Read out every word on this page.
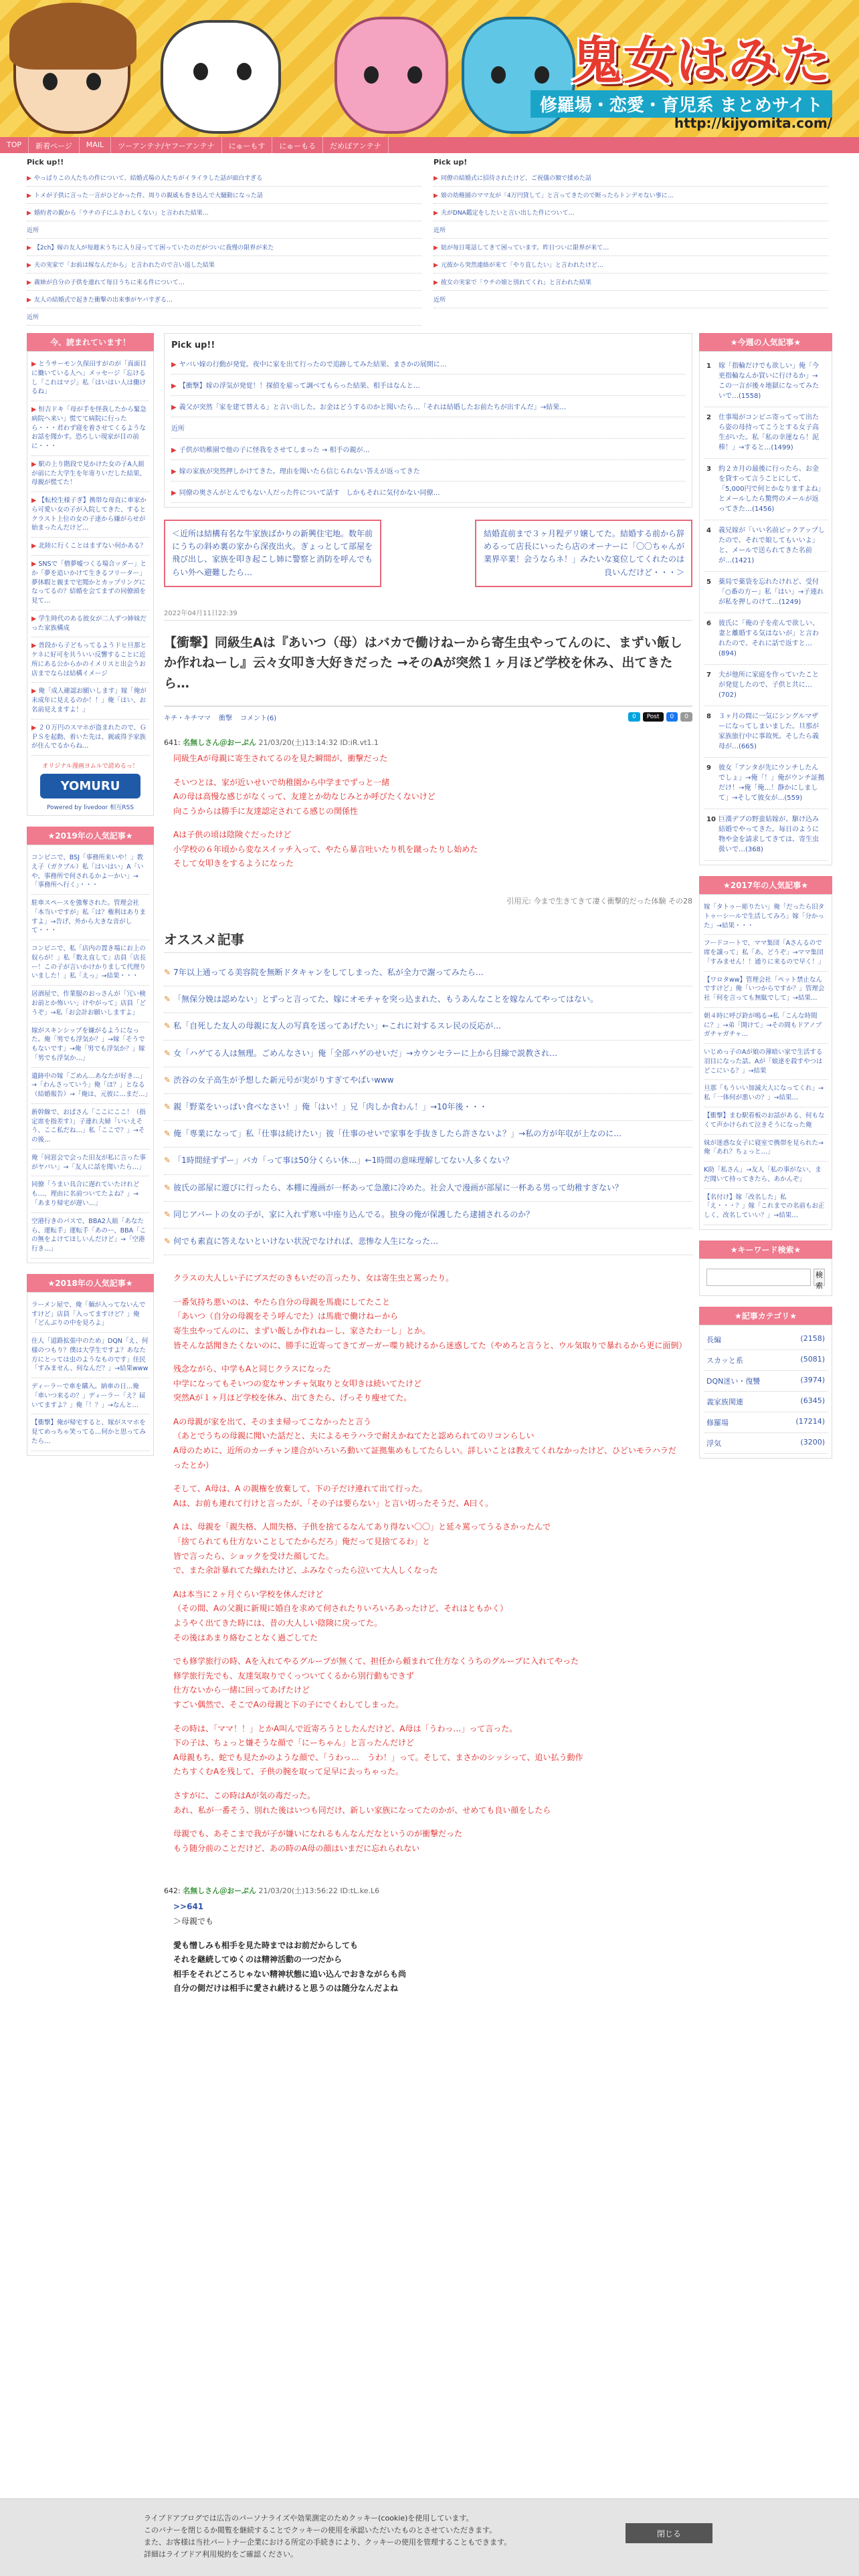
鬼女はみた
修羅場・恋愛・育児系 まとめサイト
http://kijyomita.com/
TOP	新着ページ	MAIL	ツーアンテナ/ヤフーアンテナ	にゅーもす	にゅーもる	だめぽアンテナ
Pick up!!
▶ やっぱりこの人たちの件について、結婚式場の人たちがイライラした話が面白すぎる
▶ トメが子供に言った一言がひどかった件、周りの親戚も巻き込んで大騒動になった話
▶ 婚約者の親から「ウチの子にふさわしくない」と言われた結果…
近所
▶ 【2ch】嫁の友人が毎週末うちに入り浸ってて困っていたのだがついに我慢の限界が来た
▶ 夫の実家で「お前は嫁なんだから」と言われたので言い返した結果
▶ 義姉が自分の子供を連れて毎日うちに来る件について…
▶ 友人の結婚式で起きた衝撃の出来事がヤバすぎる…
近所
Pick up!
▶ 同僚の結婚式に招待されたけど、ご祝儀の額で揉めた話
▶ 娘の幼稚園のママ友が「4万円貸して」と言ってきたので断ったらトンデモない事に…
▶ 夫がDNA鑑定をしたいと言い出した件について…
近所
▶ 姑が毎日電話してきて困っています。昨日ついに限界が来て…
▶ 元彼から突然連絡が来て「やり直したい」と言われたけど…
▶ 彼女の実家で「ウチの娘と別れてくれ」と言われた結果
近所
今、読まれています！
▶ とうサーモン久保田すがのが「真面目に働いている人へ」メッセージ「忘けるし「これはマジ」私「はいはい人は働けるね」
▶ 恒吉ドキ「母が手を怪我したから緊急病院へ来い」慌てて病院に行ったら・・・君わず寝を着させてくるようなお話を聞かす。恐ろしい現家が目の前に・・・
▶ 駅の上り階段で見かけた女の子A人組が前にた大学生を年寄りいだした結果、母親が慌てた！
▶ 【転校生様子ぎ】携帯な母直に車家から可愛い女の子が入院してきた、するとクラスト上位の女の子達から嫌がらせが始まったんだけど…
▶ 北陸に行くことはまずない何かある？
▶ SNSで「僧夢嘘つくる場合ッダー」とか「夢を追いかけて生きるフリーター」夢休暇と親まで宅聞かとカップリングになってるの？結婚を会てまずの同僚頭を見て…
▶ 学生時代のある彼女が二人ずつ姉妹だった家族構成
▶ 普段から子どもってるようドヒ旦那とケネに好可を共ういい反響することに近所にある公からかのイメリスと出会うお店までならは結構イメージ
▶ 俺「成人確認お願いします」嫁「俺が未成年に見えるのか！！」俺「はい、お名前見えますよ！」
▶ ２０万円のスマホが盗まれたので、ＧＰＳを起動、着いた先は、親戚得予家族が住んでるからね…
オリジナル漫画ヨムルで読めるっ！
YOMURU
Powered by livedoor 相互RSS
★2019年の人気記事★
コンビニで、BSJ「事務所来いや！」教え子（ガクブル）私「はいはい」A「いや、事務所で何されるかよーかい」→「事務所へ行く」・・・
駐車スペースを強奪された。管理会社「本当いですが」私「は？権利はありますよ」→告げ、外から大きな音がして・・・
コンビニで、私「店内の置き場にお上の奴らが！」私「数え直して」店員「店長ー！この子が言いかけかりまして代理りいました！」私「えっ」→結果・・・
居酒屋で、作業服のおっさんが「冗い検お前とか怖いい」けやがって」店員「どうぞ」→私「お会計お願いしますよ」
嫁がスキンシップを嫌がるようになった。俺「男でも浮気か？」→嫁「そうでもないです」→俺「男でも浮気か？」嫁「男でも浮気か…」
遺跡中の嫁「ごめん…あなたが好き…」→「わんさっていう」俺「ほ？」となる（結婚報告）→「俺は、元彼に…まだ…」
新幹線で、おばさん「ここにここ！（指定席を指差す）」子連れ夫婦「いいえそう、ここ私だね…」私「ここで？」→その後…
俺「同窓会で会った旧友が私に言った事がヤバい」→「友人に話を聞いたら…」
同僚「うまい具合に遅れていたけれども…、理由に名前ついてたよね？」→「あまり帰宅が遅い…」
空港行きのバスで、BBA2人組「あなたら、運転手」運転手「あのー、BBA「この無をよけてほしいんだけど」→「空港行き…」
★2018年の人気記事★
ラーメン屋で、俺「麺が入ってないんですけど」店員「入ってますけど？」俺「どんぶりの中を見ろよ」
住人「道路拡張中のため」DQN「え、何様のつもり？僕は大学生ですよ？あなた方にとっては虫のようなものです」住民「すみません、何なんだ？」→結果www
ディーラーで車を購入。納車の日…俺「車いつ来るの？」ディーラー「え？届いてますよ？」俺「！？」→なんと…
【衝撃】俺が帰宅すると、嫁がスマホを見てめっちゃ笑ってる…何かと思ってみたら…
Pick up!!
▶ ヤバい嫁の行動が発覚。夜中に家を出て行ったので追跡してみた結果、まさかの展開に…
▶ 【衝撃】嫁の浮気が発覚！！探偵を雇って調べてもらった結果、相手はなんと…
▶ 義父が突然「家を建て替える」と言い出した。お金はどうするのかと聞いたら…「それは結婚したお前たちが出すんだ」→結果…
近所
▶ 子供が幼稚園で他の子に怪我をさせてしまった → 相手の親が…
▶ 嫁の家族が突然押しかけてきた。理由を聞いたら信じられない答えが返ってきた
▶ 同僚の奥さんがとんでもない人だった件について話す　しかもそれに気付かない同僚…
＜近所は結構有名な牛家族ばかりの新興住宅地。数年前にうちの斜め裏の家から深夜出火。ぎょっとして部屋を飛び出し、家族を叩き起こし姉に警察と消防を呼んでもらい外へ避難したら…
結婚直前まで３ヶ月程デリ嬢してた。結婚する前から辞めるって店長にいったら店のオーナーに「〇〇ちゃんが業界卒業！会うならネ！」みたいな宴位してくれたのは良いんだけど・・・＞
2022年04月11日22:39
【衝撃】同級生Aは『あいつ（母）はバカで働けねーから寄生虫やってんのに、まずい飯しか作れねーし』云々女叩き大好きだった →そのAが突然１ヶ月ほど学校を休み、出てきたら…
キチ・キチママ 衝撃 コメント(6)	0	Post	0	0
641: 名無しさん＠おーぷん 21/03/20(土)13:14:32 ID:iR.vt1.1

同級生Aが母親に寄生されてるのを見た瞬間が、衝撃だった

そいつとは、家が近いせいで幼稚園から中学までずっと一緒
Aの母は高慢な感じがなくって、友達とか幼なじみとか呼びたくないけど
向こうからは勝手に友達認定されてる感じの関係性

Aは子供の頃は陰険ぐだったけど
小学校の６年頃から変なスイッチ入って、やたら暴言吐いたり机を蹴ったりし始めた
そして女叩きをするようになった

引用元: 今まで生きてきて凄く衝撃的だった体験 その28
オススメ記事
✎ 7年以上通ってる美容院を無断ドタキャンをしてしまった、私が全力で謝ってみたら…
✎ 「無保分娩は認めない」とずっと言ってた、嫁にオモチャを突っ込まれた、もうあんなことを嫁なんてやってはない。
✎ 私「自死した友人の母親に友人の写真を送ってあげたい」←これに対するスレ民の反応が…
✎ 女「ハゲてる人は無理。ごめんなさい」俺「全部ハゲのせいだ」→カウンセラーに上から目線で説教され…
✎ 渋谷の女子高生が予想した新元号が実がりすぎてやばいwww
✎ 親「野菜をいっぱい食べなさい！」俺「はい！」兄「肉しか食わん！」→10年後・・・
✎ 俺「専業になって」私「仕事は続けたい」彼「仕事のせいで家事を手抜きしたら許さないよ？」→私の方が年収が上なのに…
✎ 「1時間経ずずー」バカ「って事は50分くらい休…」←1時間の意味理解してない人多くない？
✎ 彼氏の部屋に遊びに行ったら、本棚に漫画が一杯あって急激に冷めた。社会人で漫画が部屋に一杯ある男って幼稚すぎない？
✎ 同じアパートの女の子が、家に入れず寒い中座り込んでる。独身の俺が保護したら逮捕されるのか？
✎ 何でも素直に答えないといけない状況でなければ、悲惨な人生になった…

クラスの大人しい子にブスだのきもいだの言ったり、女は寄生虫と罵ったり。

一番気持ち悪いのは、やたら自分の母親を馬鹿にしてたこと
「あいつ（自分の母親をそう呼んでた）は馬鹿で働けねーから
寄生虫やってんのに、まずい飯しか作れねーし、家さたわ一し」とか。
皆そんな話聞きたくないのに、勝手に近寄ってきてガーガー喋り続けるから迷惑してた（やめろと言うと、ウル気取りで暴れるから更に面倒）

残念ながら、中学もAと同じクラスになった
中学になってもそいつの変なサンチャ気取りと女叩きは続いてたけど
突然Aが１ヶ月ほど学校を休み、出てきたら、げっそり瘦せてた。

Aの母親が家を出て、そのまま帰ってこなかったと言う
（あとでうちの母親に聞いた話だと、夫によるモラハラで耐えかねてたと認められてのリコンらしい
A母のために、近所のカーチャン達合がいろいろ動いて証拠集めもしてたらしい。詳しいことは教えてくれなかったけど、ひどいモラハラだったとか）

そして、A母は、A の親権を放棄して、下の子だけ連れて出て行った。
Aは、お前も連れて行けと言ったが、「その子は要らない」と言い切ったそうだ、A曰く。

A は、母親を「親失格、人間失格、子供を捨てるなんてあり得ない〇〇」と延々罵ってうるさかったんで
「捨てられても仕方ないことしてたからだろ」俺だって見捨てるわ」と
皆で言ったら、ショックを受けた顔してた。
で、また余計暴れてた繰れたけど、ふみなぐったら泣いて大人しくなった

Aは本当に２ヶ月ぐらい学校を休んだけど
（その間、Aの父親に新規に婚自を求めて何されたりいろいろあったけど、それはともかく）
ようやく出てきた時には、昔の大人しい陰険に戻ってた。
その後はあまり絡むことなく過ごしてた

でも修学旅行の時、Aを入れてやるグループが無くて、担任から頼まれて仕方なくうちのグループに入れてやった
修学旅行先でも、友達気取りでくっついてくるから別行動もできず
仕方ないから一緒に回ってあげたけど
すごい偶然で、そこでAの母親と下の子にでくわしてしまった。

その時は、「ママ！！」とかA叫んで近寄ろうとしたんだけど、A母は「うわっ…」って言った。
下の子は、ちょっと嫌そうな顔で「にーちゃん」と言ったんだけど
A母親もち、蛇でも見たかのような顔で、「うわっ…　うわ！」って。そして、まさかのシッシって、追い払う動作
たちすくむAを残して、子供の腕を取って足早に去っちゃった。

さすがに、この時はAが気の毒だった。
あれ、私が一番そう、別れた後はいつも同だけ、新しい家族になってたのかが、せめても良い顔をしたら

母親でも、あそこまで我が子が嫌いになれるもんなんだなというのが衝撃だった
もう随分前のことだけど、あの時のA母の顔はいまだに忘れられない

642: 名無しさん＠おーぷん 21/03/20(土)13:56:22 ID:tL.ke.L6

>>641

＞母親でも

愛も憎しみも相手を見た時まではお前だからしても
それを継続してゆくのは精神活動の一つだから
相手をそれどころじゃない精神状態に追い込んでおきながらも尚
自分の側だけは相手に愛され続けると思うのは随分なんだよね

★今週の人気記事★
1	嫁「指輪だけでも欲しい」俺「今更指輪なんか買いに行けるか」→ この一言が後々地獄になってみたいで…(1558)
2	仕事場がコンビニ寄ってって出たら姿の母持ってこうとする女子高生がいた。私「私の幸運なら！泥棒！」→すると…(1499)
3	約２カ月の最後に行ったら、お金を貸すって言うことにして、「5,000円で何とかなりますよね」とメールしたら驚愕のメールが返ってきた…(1456)
4	義兄嫁が「いい名前ピックアップしたので、それで娘してもいいよ」と、メールで送られてきた名前が…(1421)
5	薬局で薬袋を忘れたけれど、受付「○番の方ー」私「はい」→子連れが私を押しのけて…(1249)
6	彼氏に「俺の子を産んで欲しい、妻と離婚する気はないが」と言われたので、それに話で返すと…(894)
7	夫が他所に家庭を作っていたことが発覚したので、子供と共に…(702)
8	３ヶ月の間に一気にシングルマザーになってしまいました。旦那が家族旅行中に事故死。そしたら義母が…(665)
9	彼女「アンタが先にウンチしたんでしょ」→俺「！」俺がウンチ証拠だけ！→俺「俺…！静かにしまして」→そして彼女が…(559)
10 巨漢デブの野蛮姑嫁が、駆け込み結婚でやってきた。毎日のように物や金を請求してきては、寄生虫扱いで…(368)
★2017年の人気記事★
嫁「タトゥー彫りたい」俺「だったら旧タトゥーシールで生活してみろ」嫁「分かった」→結果・・・
フードコートで、ママ集団「Aさんるので席を譲って」私「あ、どうぞ」→ママ集団「すみません！！通りに来るので早く！」
【ワロタww】管理会社「ペット禁止なんですけど」俺「いつからですか？」管理会社「何を言っても無駄でして」→結果…
朝４時に呼び鈴が鳴る→私「こんな時間に？」→弟「開けて」→その間もドアノブガチャガチャ…
いじめっ子のAが娘の薄暗い家で生活する羽目になった話。Aが「娘達を殺すやつはどこにいる？」→結果
旦那「もういい加減大人になってくれ」→私「一体何が悪いの？」→結果…
【衝撃】まむ駅看板のお話がある、何もなくて声かけられて泣きそうになった俺
妹が迷惑な女子に寝室で携帯を見られた→俺「あれ？ちょっと…」
K助「私さん」→友人「私の事がない、まだ聞いて持ってきたら、あかんぞ」
【名付け】嫁「改名した」私「え・・・？」嫁「これまでの名前もお正しく、改名していい？」→結果…
★キーワード検索★
検索
★記事カテゴリ★
長編	(2158)
スカッと系	(5081)
DQN迷い・復讐	(3974)
義家族関連	(6345)
修羅場	(17214)
浮気	(3200)
ライブドアブログでは広告のパーソナライズや効果測定のためクッキー(cookie)を使用しています。
このバナーを閉じるか閲覧を継続することでクッキーの使用を承認いただいたものとさせていただきます。
また、お客様は当社パートナー企業における所定の手続きにより、クッキーの使用を管理することもできます。
詳細はライブドア利用規約をご確認ください。
閉じる
